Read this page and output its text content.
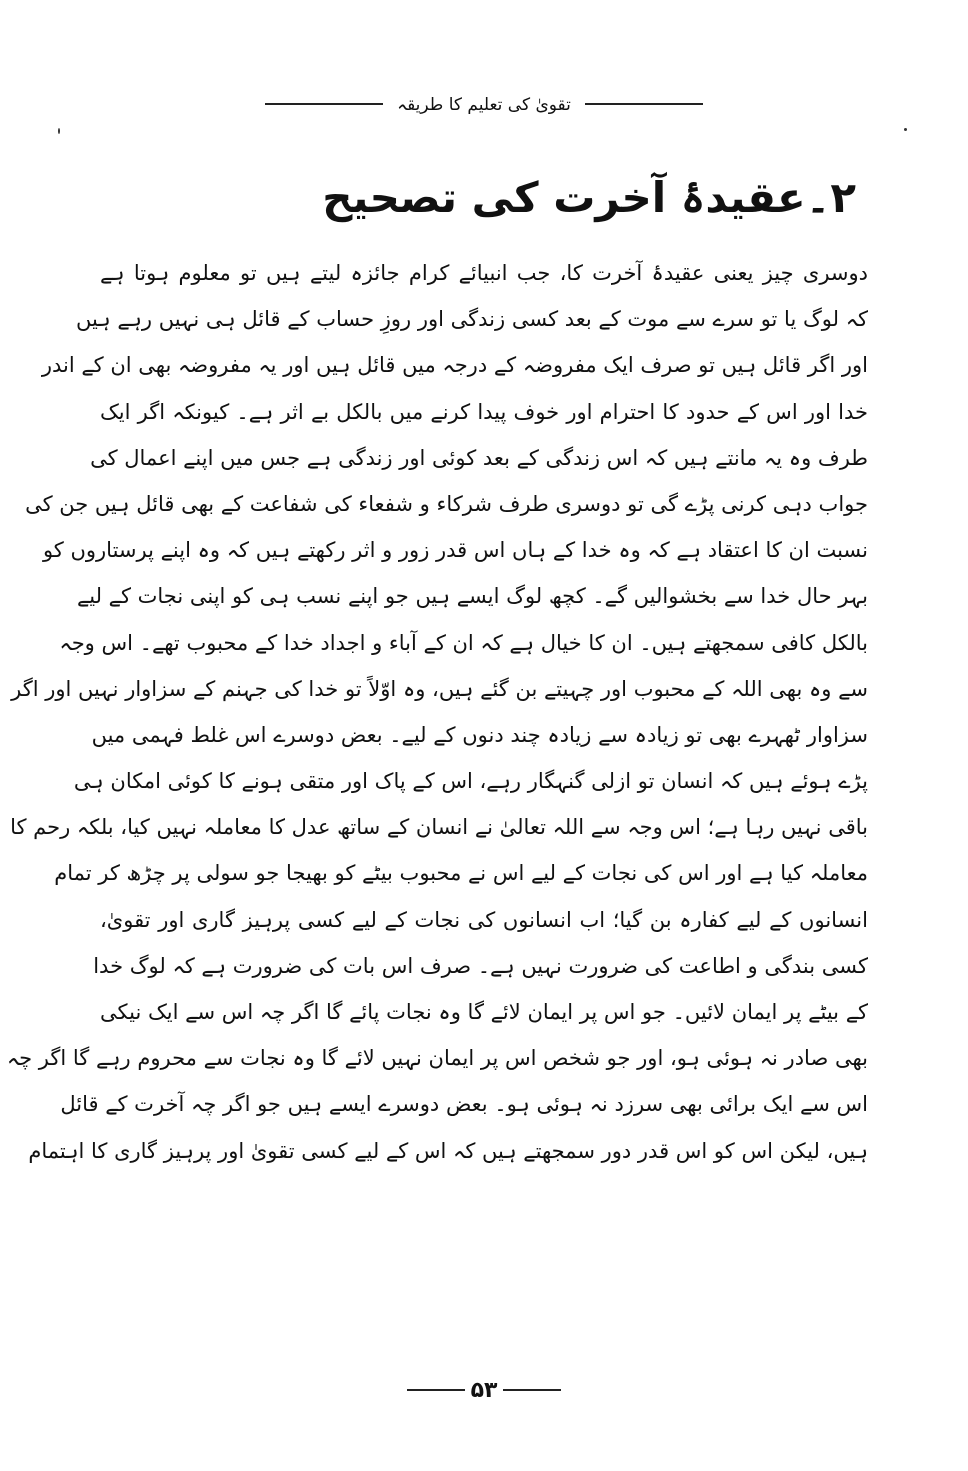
تقویٰ کی تعلیم کا طریقہ
۲۔عقیدۂ آخرت کی تصحیح
دوسری چیز یعنی عقیدۂ آخرت کا، جب انبیائے کرام جائزہ لیتے ہیں تو معلوم ہوتا ہے
کہ لوگ یا تو سرے سے موت کے بعد کسی زندگی اور روزِ حساب کے قائل ہی نہیں رہے ہیں
اور اگر قائل ہیں تو صرف ایک مفروضہ کے درجہ میں قائل ہیں اور یہ مفروضہ بھی ان کے اندر
خدا اور اس کے حدود کا احترام اور خوف پیدا کرنے میں بالکل بے اثر ہے۔ کیونکہ اگر ایک
طرف وہ یہ مانتے ہیں کہ اس زندگی کے بعد کوئی اور زندگی ہے جس میں اپنے اعمال کی
جواب دہی کرنی پڑے گی تو دوسری طرف شرکاء و شفعاء کی شفاعت کے بھی قائل ہیں جن کی
نسبت ان کا اعتقاد ہے کہ وہ خدا کے ہاں اس قدر زور و اثر رکھتے ہیں کہ وہ اپنے پرستاروں کو
بہر حال خدا سے بخشوالیں گے۔ کچھ لوگ ایسے ہیں جو اپنے نسب ہی کو اپنی نجات کے لیے
بالکل کافی سمجھتے ہیں۔ ان کا خیال ہے کہ ان کے آباء و اجداد خدا کے محبوب تھے۔ اس وجہ
سے وہ بھی اللہ کے محبوب اور چہیتے بن گئے ہیں، وہ اوّلاً تو خدا کی جہنم کے سزاوار نہیں اور اگر
سزاوار ٹھہرے بھی تو زیادہ سے زیادہ چند دنوں کے لیے۔ بعض دوسرے اس غلط فہمی میں
پڑے ہوئے ہیں کہ انسان تو ازلی گنہگار رہے، اس کے پاک اور متقی ہونے کا کوئی امکان ہی
باقی نہیں رہا ہے؛ اس وجہ سے اللہ تعالیٰ نے انسان کے ساتھ عدل کا معاملہ نہیں کیا، بلکہ رحم کا
معاملہ کیا ہے اور اس کی نجات کے لیے اس نے محبوب بیٹے کو بھیجا جو سولی پر چڑھ کر تمام
انسانوں کے لیے کفارہ بن گیا؛ اب انسانوں کی نجات کے لیے کسی پرہیز گاری اور تقویٰ،
کسی بندگی و اطاعت کی ضرورت نہیں ہے۔ صرف اس بات کی ضرورت ہے کہ لوگ خدا
کے بیٹے پر ایمان لائیں۔ جو اس پر ایمان لائے گا وہ نجات پائے گا اگر چہ اس سے ایک نیکی
بھی صادر نہ ہوئی ہو، اور جو شخص اس پر ایمان نہیں لائے گا وہ نجات سے محروم رہے گا اگر چہ
اس سے ایک برائی بھی سرزد نہ ہوئی ہو۔ بعض دوسرے ایسے ہیں جو اگر چہ آخرت کے قائل
ہیں، لیکن اس کو اس قدر دور سمجھتے ہیں کہ اس کے لیے کسی تقویٰ اور پرہیز گاری کا اہتمام
۵۳
